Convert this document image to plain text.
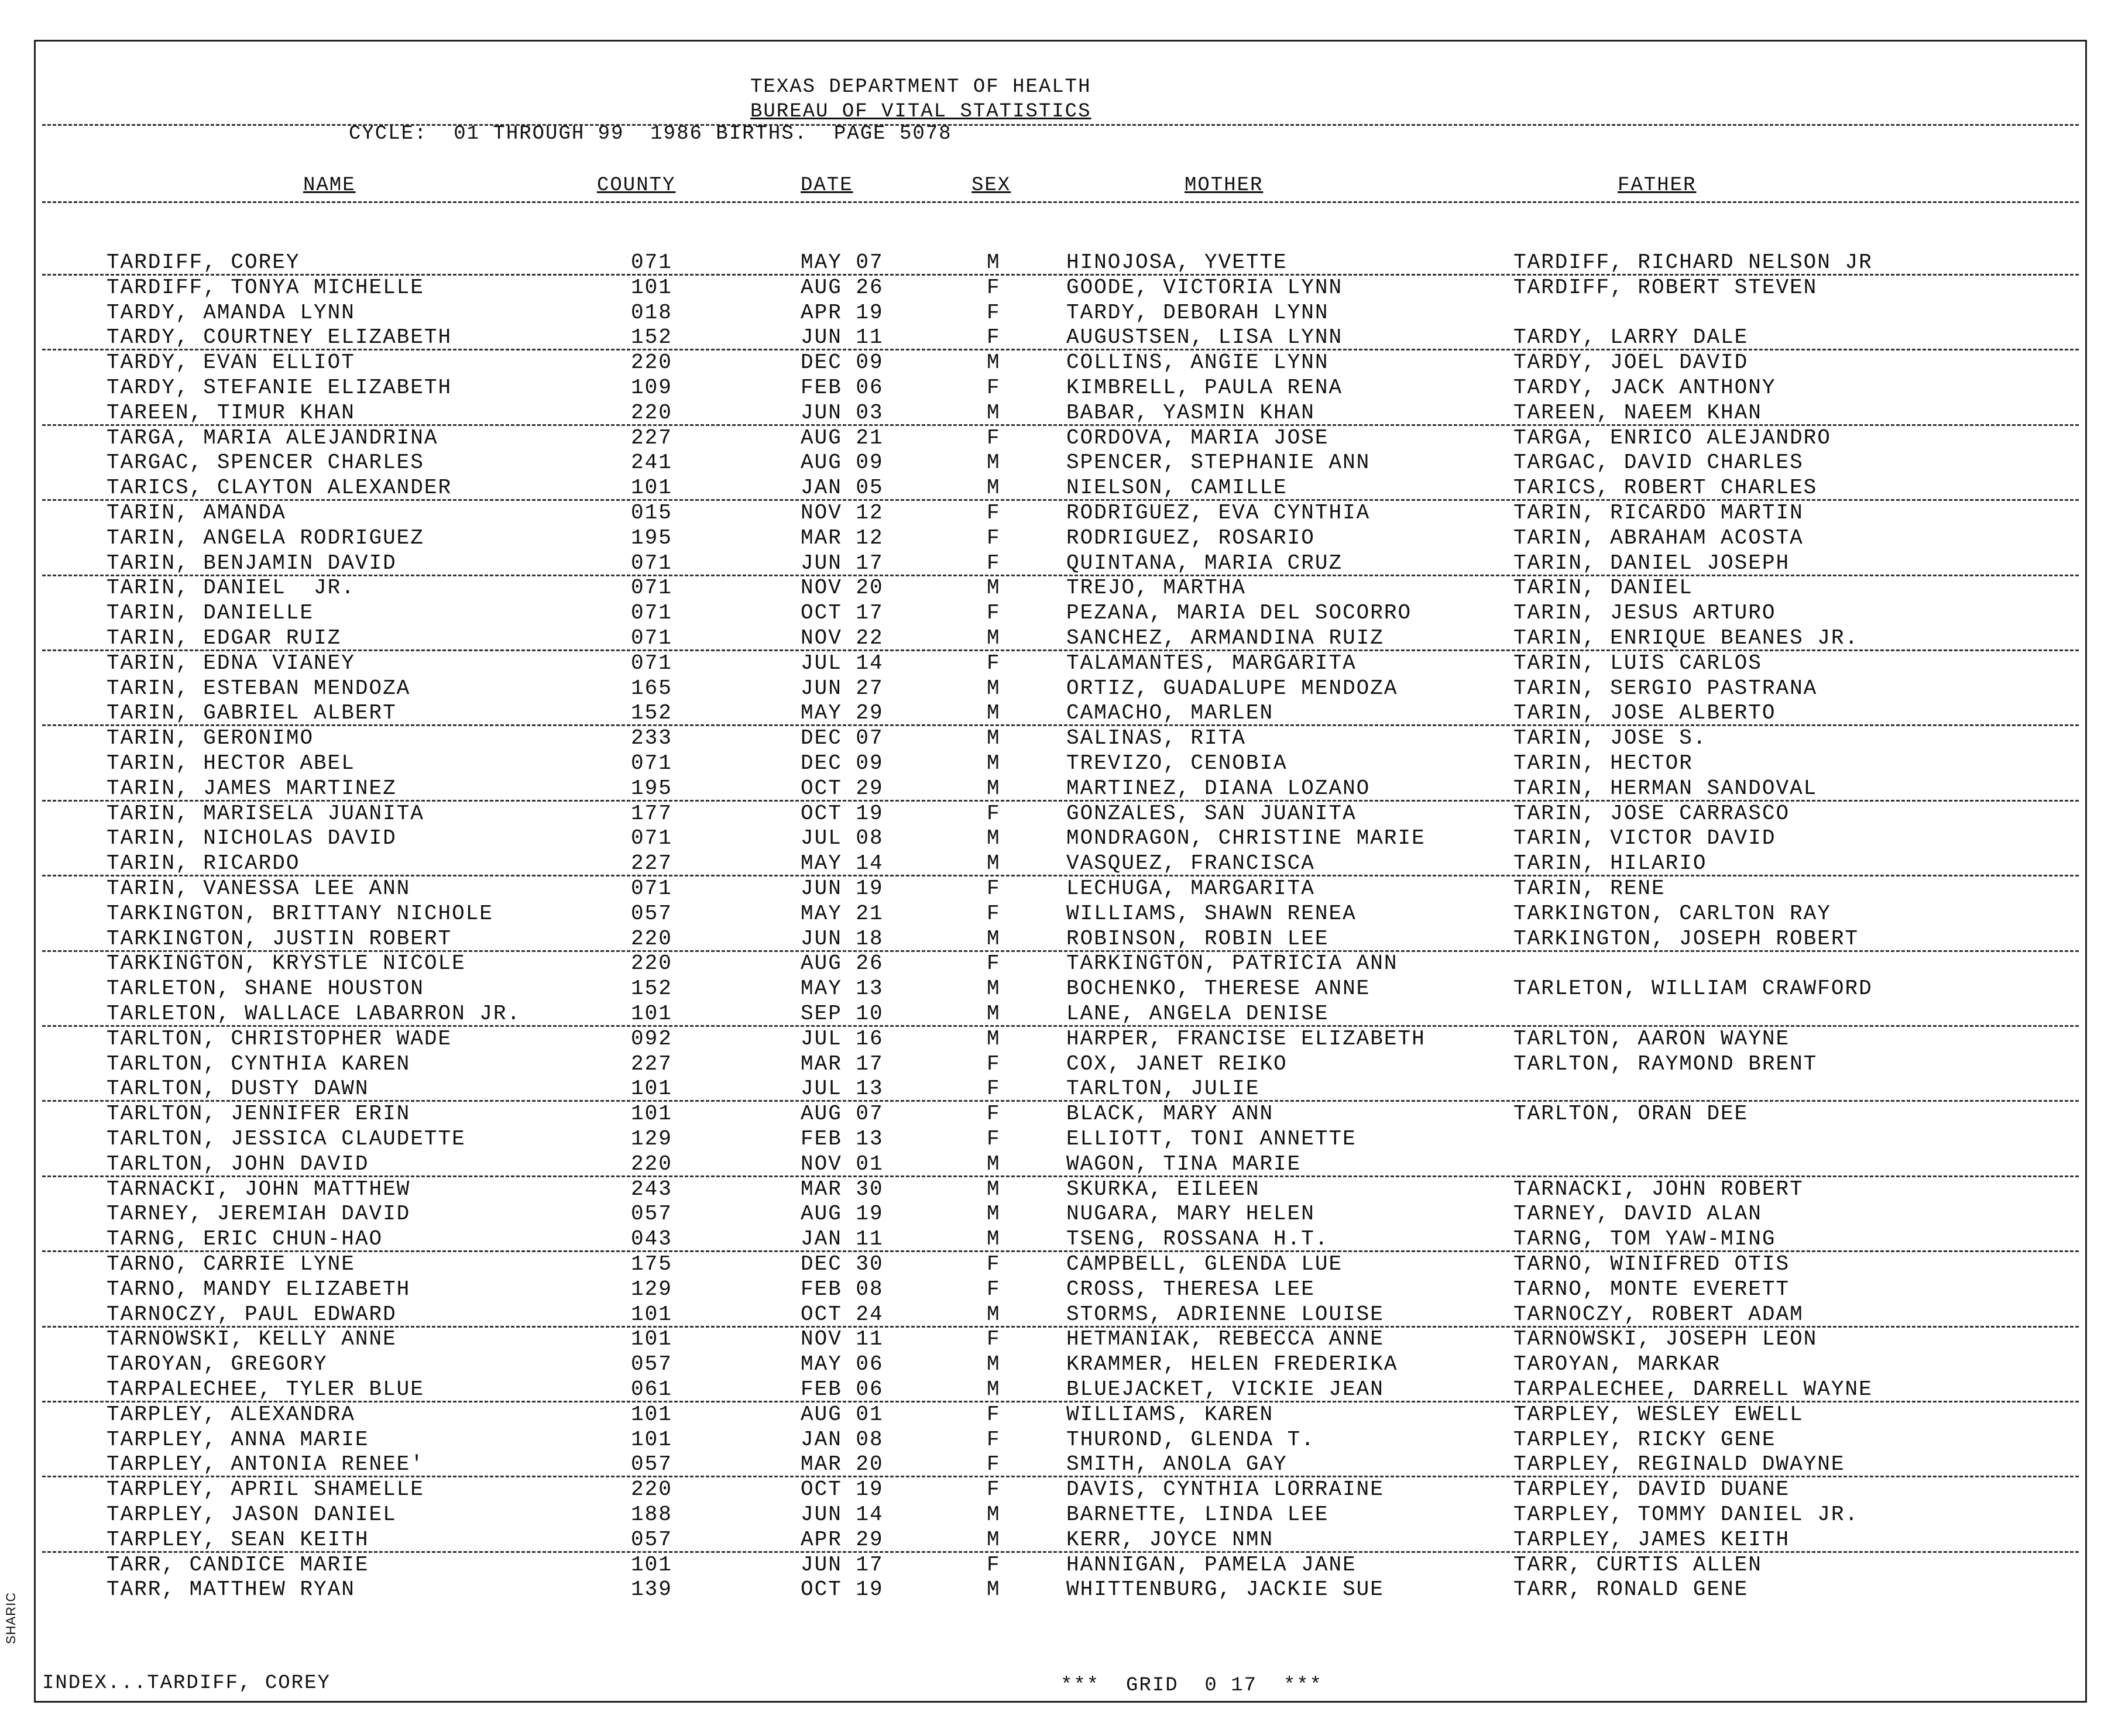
TEXAS DEPARTMENT OF HEALTH
BUREAU OF VITAL STATISTICS
CYCLE:  01 THROUGH 99  1986 BIRTHS.  PAGE 5078
NAME	COUNTY	DATE	SEX	MOTHER	FATHER
TARDIFF, COREY	071	MAY 07	M	HINOJOSA, YVETTE	TARDIFF, RICHARD NELSON JR
TARDIFF, TONYA MICHELLE	101	AUG 26	F	GOODE, VICTORIA LYNN	TARDIFF, ROBERT STEVEN
TARDY, AMANDA LYNN	018	APR 19	F	TARDY, DEBORAH LYNN
TARDY, COURTNEY ELIZABETH	152	JUN 11	F	AUGUSTSEN, LISA LYNN	TARDY, LARRY DALE
TARDY, EVAN ELLIOT	220	DEC 09	M	COLLINS, ANGIE LYNN	TARDY, JOEL DAVID
TARDY, STEFANIE ELIZABETH	109	FEB 06	F	KIMBRELL, PAULA RENA	TARDY, JACK ANTHONY
TAREEN, TIMUR KHAN	220	JUN 03	M	BABAR, YASMIN KHAN	TAREEN, NAEEM KHAN
TARGA, MARIA ALEJANDRINA	227	AUG 21	F	CORDOVA, MARIA JOSE	TARGA, ENRICO ALEJANDRO
TARGAC, SPENCER CHARLES	241	AUG 09	M	SPENCER, STEPHANIE ANN	TARGAC, DAVID CHARLES
TARICS, CLAYTON ALEXANDER	101	JAN 05	M	NIELSON, CAMILLE	TARICS, ROBERT CHARLES
TARIN, AMANDA	015	NOV 12	F	RODRIGUEZ, EVA CYNTHIA	TARIN, RICARDO MARTIN
TARIN, ANGELA RODRIGUEZ	195	MAR 12	F	RODRIGUEZ, ROSARIO	TARIN, ABRAHAM ACOSTA
TARIN, BENJAMIN DAVID	071	JUN 17	F	QUINTANA, MARIA CRUZ	TARIN, DANIEL JOSEPH
TARIN, DANIEL  JR.	071	NOV 20	M	TREJO, MARTHA	TARIN, DANIEL
TARIN, DANIELLE	071	OCT 17	F	PEZANA, MARIA DEL SOCORRO	TARIN, JESUS ARTURO
TARIN, EDGAR RUIZ	071	NOV 22	M	SANCHEZ, ARMANDINA RUIZ	TARIN, ENRIQUE BEANES JR.
TARIN, EDNA VIANEY	071	JUL 14	F	TALAMANTES, MARGARITA	TARIN, LUIS CARLOS
TARIN, ESTEBAN MENDOZA	165	JUN 27	M	ORTIZ, GUADALUPE MENDOZA	TARIN, SERGIO PASTRANA
TARIN, GABRIEL ALBERT	152	MAY 29	M	CAMACHO, MARLEN	TARIN, JOSE ALBERTO
TARIN, GERONIMO	233	DEC 07	M	SALINAS, RITA	TARIN, JOSE S.
TARIN, HECTOR ABEL	071	DEC 09	M	TREVIZO, CENOBIA	TARIN, HECTOR
TARIN, JAMES MARTINEZ	195	OCT 29	M	MARTINEZ, DIANA LOZANO	TARIN, HERMAN SANDOVAL
TARIN, MARISELA JUANITA	177	OCT 19	F	GONZALES, SAN JUANITA	TARIN, JOSE CARRASCO
TARIN, NICHOLAS DAVID	071	JUL 08	M	MONDRAGON, CHRISTINE MARIE	TARIN, VICTOR DAVID
TARIN, RICARDO	227	MAY 14	M	VASQUEZ, FRANCISCA	TARIN, HILARIO
TARIN, VANESSA LEE ANN	071	JUN 19	F	LECHUGA, MARGARITA	TARIN, RENE
TARKINGTON, BRITTANY NICHOLE	057	MAY 21	F	WILLIAMS, SHAWN RENEA	TARKINGTON, CARLTON RAY
TARKINGTON, JUSTIN ROBERT	220	JUN 18	M	ROBINSON, ROBIN LEE	TARKINGTON, JOSEPH ROBERT
TARKINGTON, KRYSTLE NICOLE	220	AUG 26	F	TARKINGTON, PATRICIA ANN
TARLETON, SHANE HOUSTON	152	MAY 13	M	BOCHENKO, THERESE ANNE	TARLETON, WILLIAM CRAWFORD
TARLETON, WALLACE LABARRON JR.	101	SEP 10	M	LANE, ANGELA DENISE
TARLTON, CHRISTOPHER WADE	092	JUL 16	M	HARPER, FRANCISE ELIZABETH	TARLTON, AARON WAYNE
TARLTON, CYNTHIA KAREN	227	MAR 17	F	COX, JANET REIKO	TARLTON, RAYMOND BRENT
TARLTON, DUSTY DAWN	101	JUL 13	F	TARLTON, JULIE
TARLTON, JENNIFER ERIN	101	AUG 07	F	BLACK, MARY ANN	TARLTON, ORAN DEE
TARLTON, JESSICA CLAUDETTE	129	FEB 13	F	ELLIOTT, TONI ANNETTE
TARLTON, JOHN DAVID	220	NOV 01	M	WAGON, TINA MARIE
TARNACKI, JOHN MATTHEW	243	MAR 30	M	SKURKA, EILEEN	TARNACKI, JOHN ROBERT
TARNEY, JEREMIAH DAVID	057	AUG 19	M	NUGARA, MARY HELEN	TARNEY, DAVID ALAN
TARNG, ERIC CHUN-HAO	043	JAN 11	M	TSENG, ROSSANA H.T.	TARNG, TOM YAW-MING
TARNO, CARRIE LYNE	175	DEC 30	F	CAMPBELL, GLENDA LUE	TARNO, WINIFRED OTIS
TARNO, MANDY ELIZABETH	129	FEB 08	F	CROSS, THERESA LEE	TARNO, MONTE EVERETT
TARNOCZY, PAUL EDWARD	101	OCT 24	M	STORMS, ADRIENNE LOUISE	TARNOCZY, ROBERT ADAM
TARNOWSKI, KELLY ANNE	101	NOV 11	F	HETMANIAK, REBECCA ANNE	TARNOWSKI, JOSEPH LEON
TAROYAN, GREGORY	057	MAY 06	M	KRAMMER, HELEN FREDERIKA	TAROYAN, MARKAR
TARPALECHEE, TYLER BLUE	061	FEB 06	M	BLUEJACKET, VICKIE JEAN	TARPALECHEE, DARRELL WAYNE
TARPLEY, ALEXANDRA	101	AUG 01	F	WILLIAMS, KAREN	TARPLEY, WESLEY EWELL
TARPLEY, ANNA MARIE	101	JAN 08	F	THUROND, GLENDA T.	TARPLEY, RICKY GENE
TARPLEY, ANTONIA RENEE'	057	MAR 20	F	SMITH, ANOLA GAY	TARPLEY, REGINALD DWAYNE
TARPLEY, APRIL SHAMELLE	220	OCT 19	F	DAVIS, CYNTHIA LORRAINE	TARPLEY, DAVID DUANE
TARPLEY, JASON DANIEL	188	JUN 14	M	BARNETTE, LINDA LEE	TARPLEY, TOMMY DANIEL JR.
TARPLEY, SEAN KEITH	057	APR 29	M	KERR, JOYCE NMN	TARPLEY, JAMES KEITH
TARR, CANDICE MARIE	101	JUN 17	F	HANNIGAN, PAMELA JANE	TARR, CURTIS ALLEN
TARR, MATTHEW RYAN	139	OCT 19	M	WHITTENBURG, JACKIE SUE	TARR, RONALD GENE
INDEX...TARDIFF, COREY	***  GRID  0 17  ***
SHARIC
